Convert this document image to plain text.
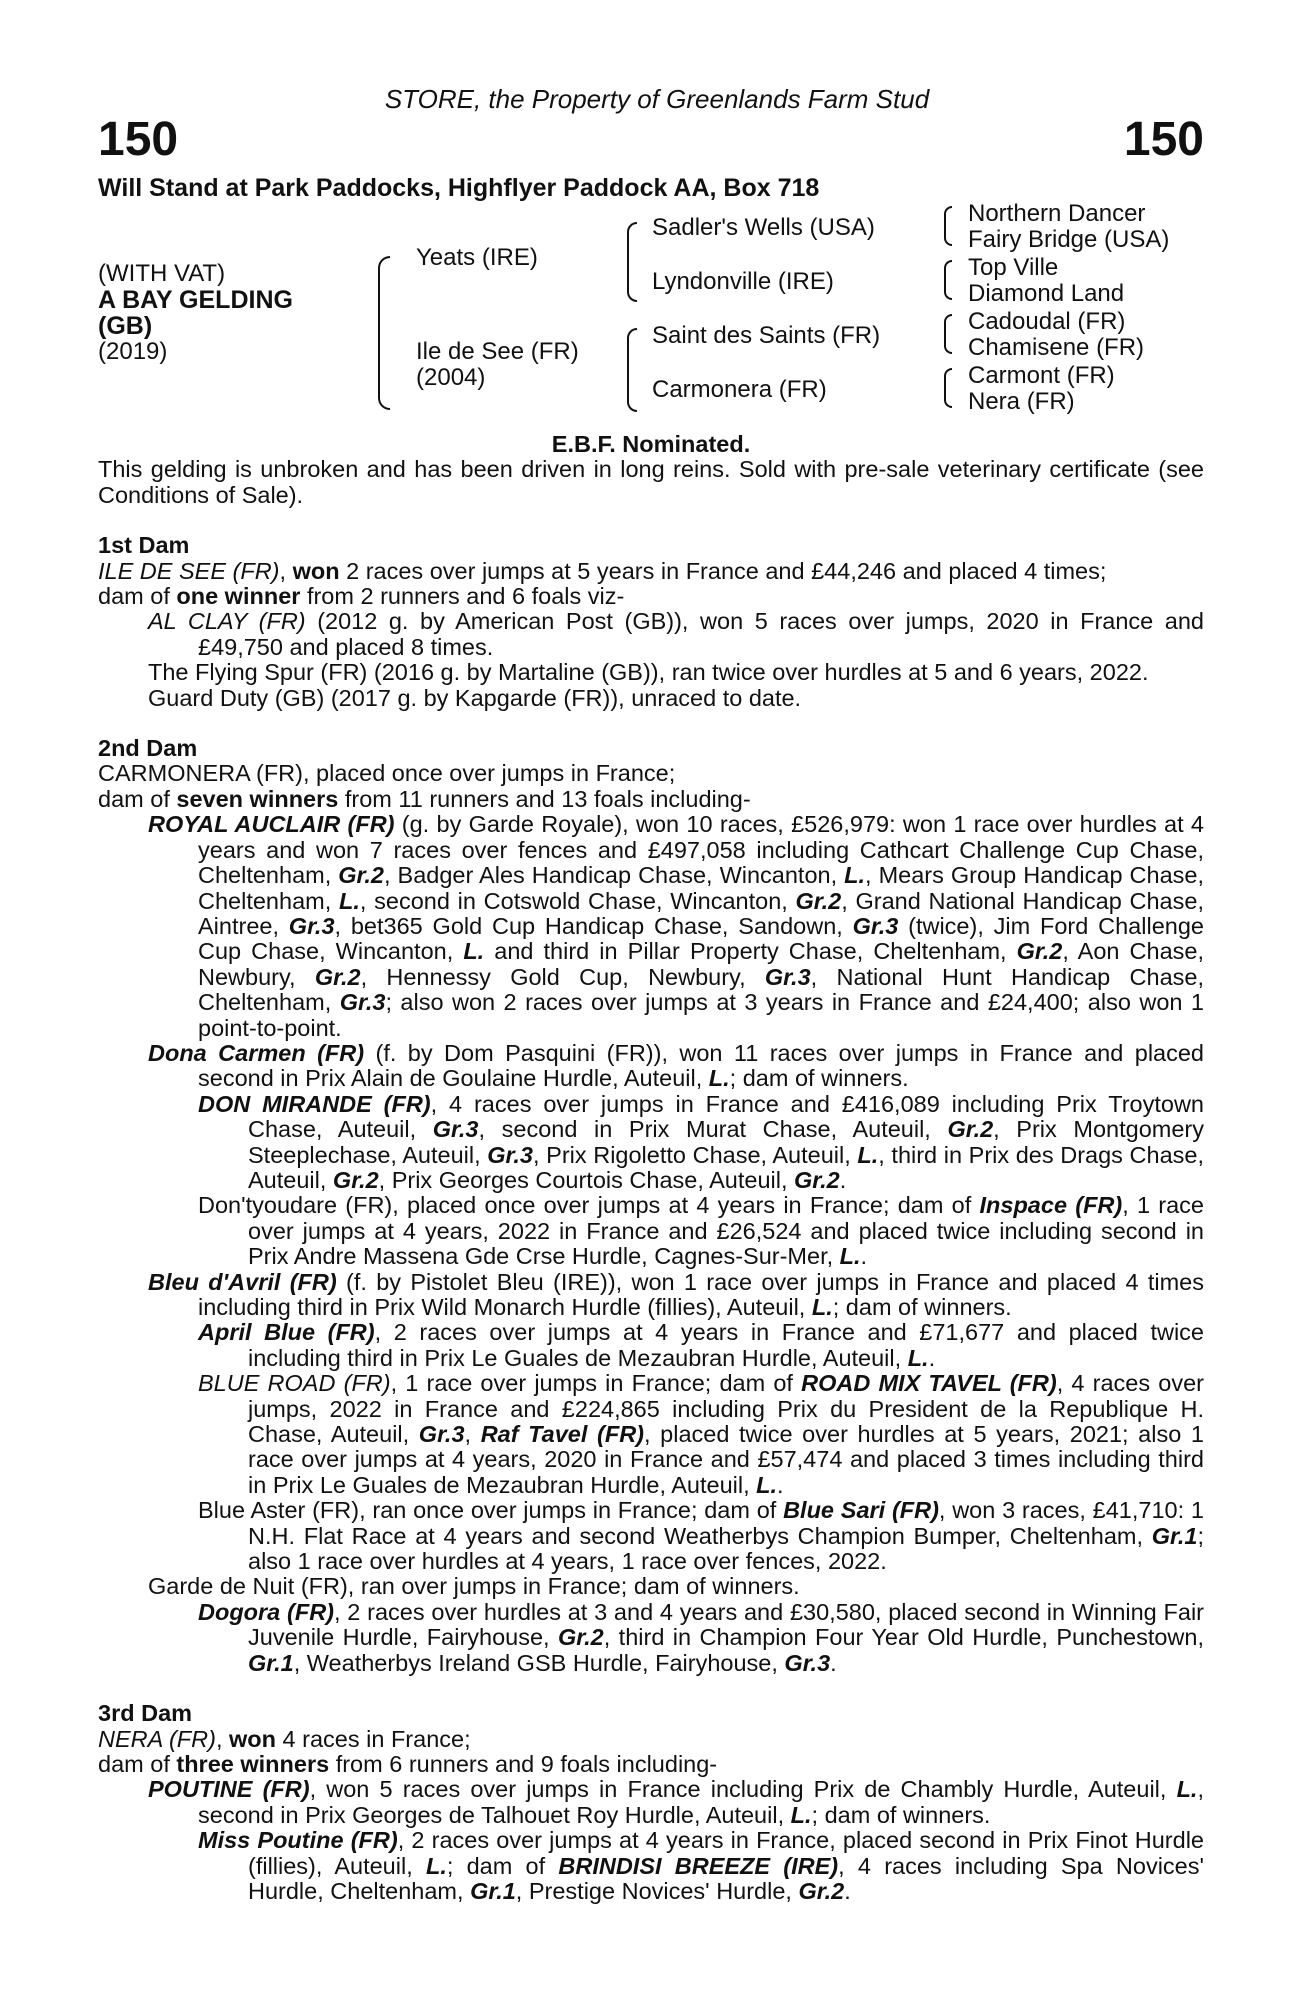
STORE, the Property of Greenlands Farm Stud
150	150
Will Stand at Park Paddocks, Highflyer Paddock AA, Box 718
(WITH VAT)
A BAY GELDING
(GB)
(2019)
Yeats (IRE)
Ile de See (FR)
(2004)
Sadler's Wells (USA)
Lyndonville (IRE)
Saint des Saints (FR)
Carmonera (FR)
Northern Dancer
Fairy Bridge (USA)
Top Ville
Diamond Land
Cadoudal (FR)
Chamisene (FR)
Carmont (FR)
Nera (FR)
E.B.F. Nominated.

This gelding is unbroken and has been driven in long reins. Sold with pre-sale veterinary certificate (see Conditions of Sale).

1st Dam

ILE DE SEE (FR), won 2 races over jumps at 5 years in France and £44,246 and placed 4 times;

dam of one winner from 2 runners and 6 foals viz-

AL CLAY (FR) (2012 g. by American Post (GB)), won 5 races over jumps, 2020 in France and £49,750 and placed 8 times.

The Flying Spur (FR) (2016 g. by Martaline (GB)), ran twice over hurdles at 5 and 6 years, 2022.

Guard Duty (GB) (2017 g. by Kapgarde (FR)), unraced to date.

2nd Dam

CARMONERA (FR), placed once over jumps in France;

dam of seven winners from 11 runners and 13 foals including-

ROYAL AUCLAIR (FR) (g. by Garde Royale), won 10 races, £526,979: won 1 race over hurdles at 4 years and won 7 races over fences and £497,058 including Cathcart Challenge Cup Chase, Cheltenham, Gr.2, Badger Ales Handicap Chase, Wincanton, L., Mears Group Handicap Chase, Cheltenham, L., second in Cotswold Chase, Wincanton, Gr.2, Grand National Handicap Chase, Aintree, Gr.3, bet365 Gold Cup Handicap Chase, Sandown, Gr.3 (twice), Jim Ford Challenge Cup Chase, Wincanton, L. and third in Pillar Property Chase, Cheltenham, Gr.2, Aon Chase, Newbury, Gr.2, Hennessy Gold Cup, Newbury, Gr.3, National Hunt Handicap Chase, Cheltenham, Gr.3; also won 2 races over jumps at 3 years in France and £24,400; also won 1 point-to-point.

Dona Carmen (FR) (f. by Dom Pasquini (FR)), won 11 races over jumps in France and placed second in Prix Alain de Goulaine Hurdle, Auteuil, L.; dam of winners.

DON MIRANDE (FR), 4 races over jumps in France and £416,089 including Prix Troytown Chase, Auteuil, Gr.3, second in Prix Murat Chase, Auteuil, Gr.2, Prix Montgomery Steeplechase, Auteuil, Gr.3, Prix Rigoletto Chase, Auteuil, L., third in Prix des Drags Chase, Auteuil, Gr.2, Prix Georges Courtois Chase, Auteuil, Gr.2.

Don'tyoudare (FR), placed once over jumps at 4 years in France; dam of Inspace (FR), 1 race over jumps at 4 years, 2022 in France and £26,524 and placed twice including second in Prix Andre Massena Gde Crse Hurdle, Cagnes-Sur-Mer, L..

Bleu d'Avril (FR) (f. by Pistolet Bleu (IRE)), won 1 race over jumps in France and placed 4 times including third in Prix Wild Monarch Hurdle (fillies), Auteuil, L.; dam of winners.

April Blue (FR), 2 races over jumps at 4 years in France and £71,677 and placed twice including third in Prix Le Guales de Mezaubran Hurdle, Auteuil, L..

BLUE ROAD (FR), 1 race over jumps in France; dam of ROAD MIX TAVEL (FR), 4 races over jumps, 2022 in France and £224,865 including Prix du President de la Republique H. Chase, Auteuil, Gr.3, Raf Tavel (FR), placed twice over hurdles at 5 years, 2021; also 1 race over jumps at 4 years, 2020 in France and £57,474 and placed 3 times including third in Prix Le Guales de Mezaubran Hurdle, Auteuil, L..

Blue Aster (FR), ran once over jumps in France; dam of Blue Sari (FR), won 3 races, £41,710: 1 N.H. Flat Race at 4 years and second Weatherbys Champion Bumper, Cheltenham, Gr.1; also 1 race over hurdles at 4 years, 1 race over fences, 2022.

Garde de Nuit (FR), ran over jumps in France; dam of winners.

Dogora (FR), 2 races over hurdles at 3 and 4 years and £30,580, placed second in Winning Fair Juvenile Hurdle, Fairyhouse, Gr.2, third in Champion Four Year Old Hurdle, Punchestown, Gr.1, Weatherbys Ireland GSB Hurdle, Fairyhouse, Gr.3.

3rd Dam

NERA (FR), won 4 races in France;

dam of three winners from 6 runners and 9 foals including-

POUTINE (FR), won 5 races over jumps in France including Prix de Chambly Hurdle, Auteuil, L., second in Prix Georges de Talhouet Roy Hurdle, Auteuil, L.; dam of winners.

Miss Poutine (FR), 2 races over jumps at 4 years in France, placed second in Prix Finot Hurdle (fillies), Auteuil, L.; dam of BRINDISI BREEZE (IRE), 4 races including Spa Novices' Hurdle, Cheltenham, Gr.1, Prestige Novices' Hurdle, Gr.2.
